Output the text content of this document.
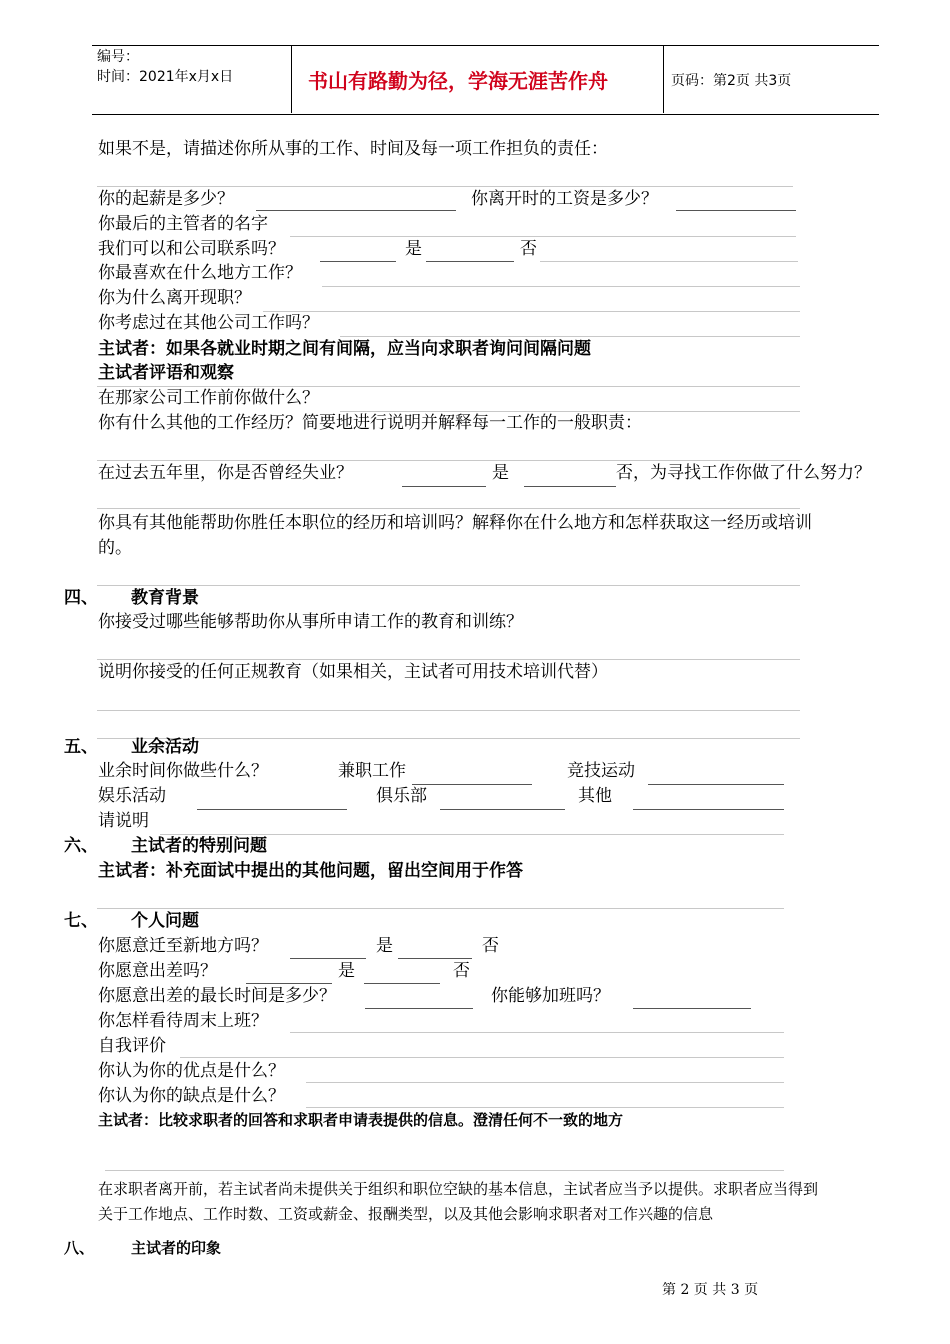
编号：
时间：2021年x月x日	书山有路勤为径，学海无涯苦作舟	页码：第2页 共3页
如果不是，请描述你所从事的工作、时间及每一项工作担负的责任：
你的起薪是多少？	你离开时的工资是多少？
你最后的主管者的名字
我们可以和公司联系吗？	是	否
你最喜欢在什么地方工作？
你为什么离开现职？
你考虑过在其他公司工作吗？
主试者：如果各就业时期之间有间隔，应当向求职者询问间隔问题
主试者评语和观察
在那家公司工作前你做什么？
你有什么其他的工作经历？简要地进行说明并解释每一工作的一般职责：
在过去五年里，你是否曾经失业？	是	否，为寻找工作你做了什么努力？
你具有其他能帮助你胜任本职位的经历和培训吗？解释你在什么地方和怎样获取这一经历或培训
的。
四、 教育背景
你接受过哪些能够帮助你从事所申请工作的教育和训练？
说明你接受的任何正规教育（如果相关，主试者可用技术培训代替）
五、 业余活动
业余时间你做些什么？	兼职工作	竞技运动
娱乐活动	俱乐部	其他
请说明
六、 主试者的特别问题
主试者：补充面试中提出的其他问题，留出空间用于作答
七、 个人问题
你愿意迁至新地方吗？	是	否
你愿意出差吗？	是	否
你愿意出差的最长时间是多少？	你能够加班吗？
你怎样看待周末上班？
自我评价
你认为你的优点是什么？
你认为你的缺点是什么？
主试者：比较求职者的回答和求职者申请表提供的信息。澄清任何不一致的地方
在求职者离开前，若主试者尚未提供关于组织和职位空缺的基本信息，主试者应当予以提供。求职者应当得到
关于工作地点、工作时数、工资或薪金、报酬类型，以及其他会影响求职者对工作兴趣的信息
八、 主试者的印象
第 2 页 共 3 页
